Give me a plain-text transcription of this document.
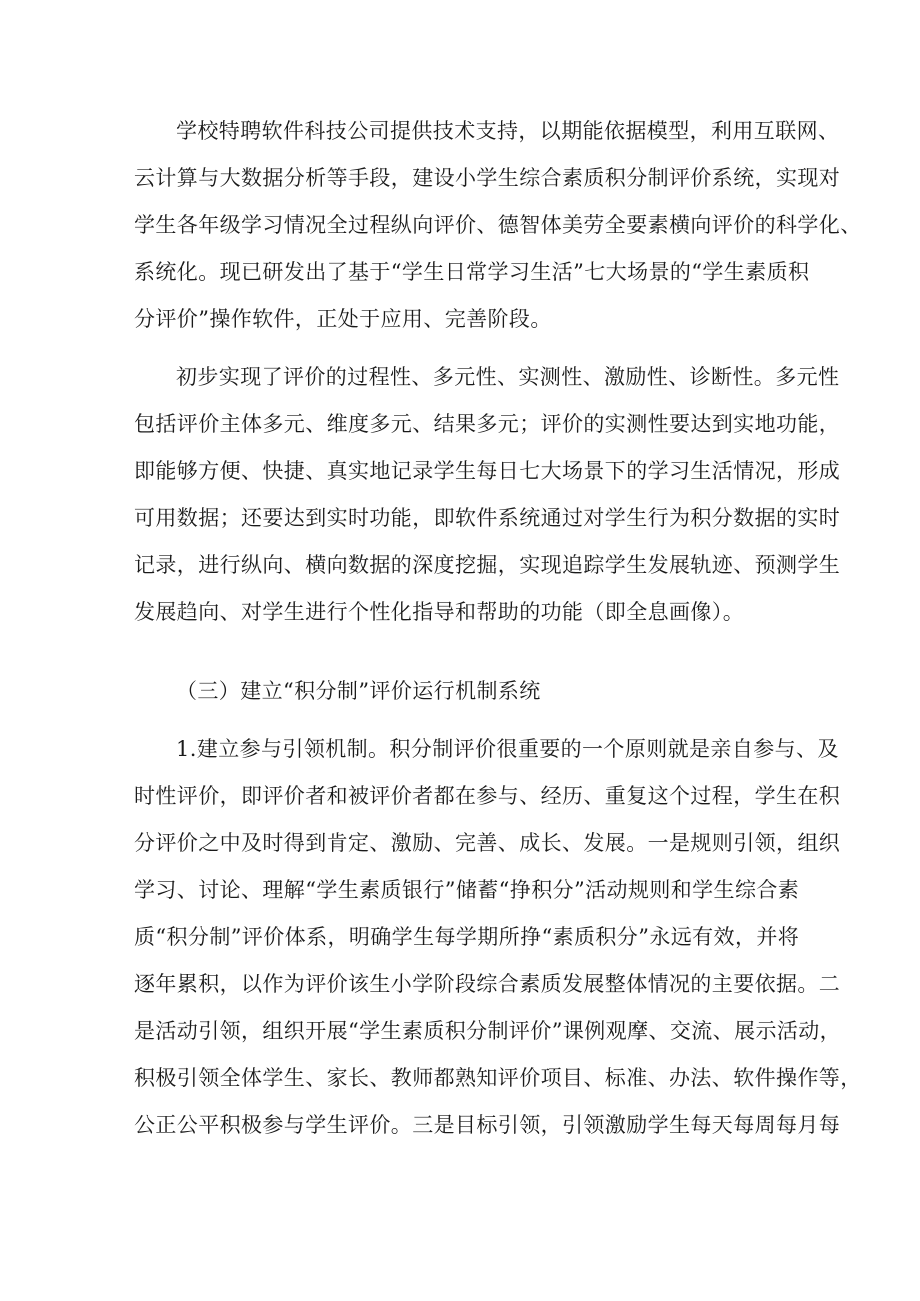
学校特聘软件科技公司提供技术支持，以期能依据模型，利用互联网、
云计算与大数据分析等手段，建设小学生综合素质积分制评价系统，实现对
学生各年级学习情况全过程纵向评价、德智体美劳全要素横向评价的科学化、
系统化。现已研发出了基于“学生日常学习生活”七大场景的“学生素质积
分评价”操作软件，正处于应用、完善阶段。
初步实现了评价的过程性、多元性、实测性、激励性、诊断性。多元性
包括评价主体多元、维度多元、结果多元；评价的实测性要达到实地功能，
即能够方便、快捷、真实地记录学生每日七大场景下的学习生活情况，形成
可用数据；还要达到实时功能，即软件系统通过对学生行为积分数据的实时
记录，进行纵向、横向数据的深度挖掘，实现追踪学生发展轨迹、预测学生
发展趋向、对学生进行个性化指导和帮助的功能（即全息画像）。
（三）建立“积分制”评价运行机制系统
1.建立参与引领机制。积分制评价很重要的一个原则就是亲自参与、及
时性评价，即评价者和被评价者都在参与、经历、重复这个过程，学生在积
分评价之中及时得到肯定、激励、完善、成长、发展。一是规则引领，组织
学习、讨论、理解“学生素质银行”储蓄“挣积分”活动规则和学生综合素
质“积分制”评价体系，明确学生每学期所挣“素质积分”永远有效，并将
逐年累积，以作为评价该生小学阶段综合素质发展整体情况的主要依据。二
是活动引领，组织开展“学生素质积分制评价”课例观摩、交流、展示活动，
积极引领全体学生、家长、教师都熟知评价项目、标准、办法、软件操作等，
公正公平积极参与学生评价。三是目标引领，引领激励学生每天每周每月每
